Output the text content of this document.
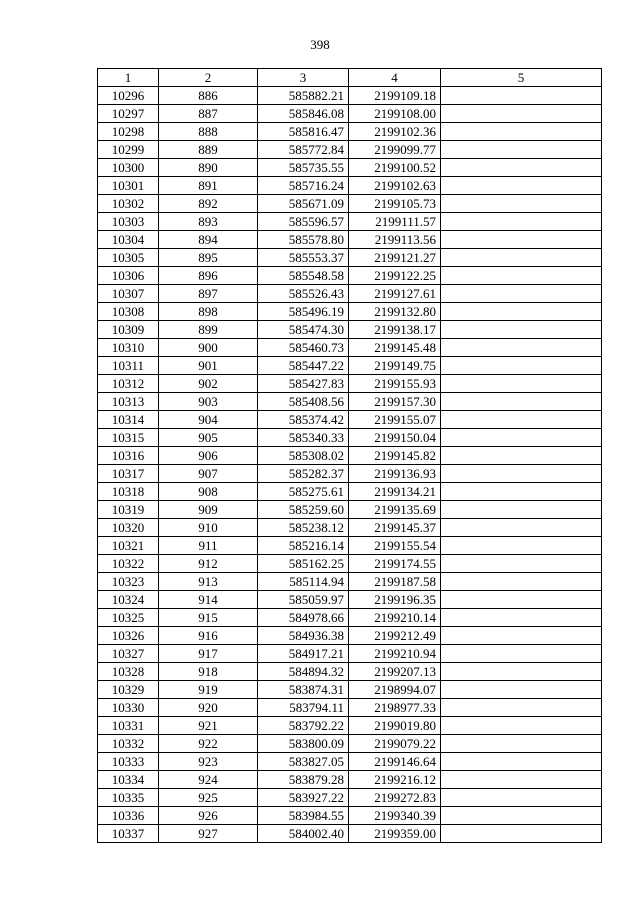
398
1	2	3	4	5
10296	886	585882.21	2199109.18	
10297	887	585846.08	2199108.00	
10298	888	585816.47	2199102.36	
10299	889	585772.84	2199099.77	
10300	890	585735.55	2199100.52	
10301	891	585716.24	2199102.63	
10302	892	585671.09	2199105.73	
10303	893	585596.57	2199111.57	
10304	894	585578.80	2199113.56	
10305	895	585553.37	2199121.27	
10306	896	585548.58	2199122.25	
10307	897	585526.43	2199127.61	
10308	898	585496.19	2199132.80	
10309	899	585474.30	2199138.17	
10310	900	585460.73	2199145.48	
10311	901	585447.22	2199149.75	
10312	902	585427.83	2199155.93	
10313	903	585408.56	2199157.30	
10314	904	585374.42	2199155.07	
10315	905	585340.33	2199150.04	
10316	906	585308.02	2199145.82	
10317	907	585282.37	2199136.93	
10318	908	585275.61	2199134.21	
10319	909	585259.60	2199135.69	
10320	910	585238.12	2199145.37	
10321	911	585216.14	2199155.54	
10322	912	585162.25	2199174.55	
10323	913	585114.94	2199187.58	
10324	914	585059.97	2199196.35	
10325	915	584978.66	2199210.14	
10326	916	584936.38	2199212.49	
10327	917	584917.21	2199210.94	
10328	918	584894.32	2199207.13	
10329	919	583874.31	2198994.07	
10330	920	583794.11	2198977.33	
10331	921	583792.22	2199019.80	
10332	922	583800.09	2199079.22	
10333	923	583827.05	2199146.64	
10334	924	583879.28	2199216.12	
10335	925	583927.22	2199272.83	
10336	926	583984.55	2199340.39	
10337	927	584002.40	2199359.00	
